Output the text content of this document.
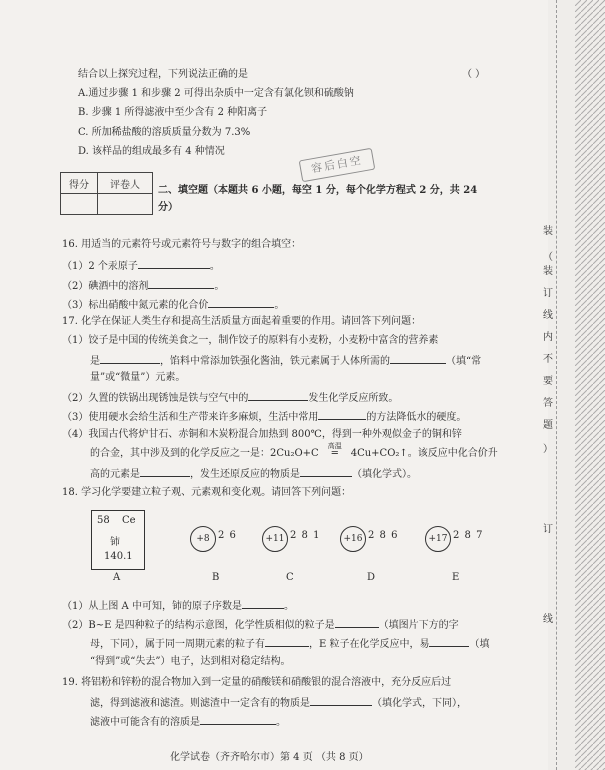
结合以上探究过程，下列说法正确的是	（ ）
A.通过步骤 1 和步骤 2 可得出杂质中一定含有氯化钡和硫酸钠
B. 步骤 1 所得滤液中至少含有 2 种阳离子
C. 所加稀盐酸的溶质质量分数为 7.3%
D. 该样品的组成最多有 4 种情况
容后白空
得分	评卷人
	二、填空题（本题共 6 小题，每空 1 分，每个化学方程式 2 分，共 24
分）
16. 用适当的元素符号或元素符号与数字的组合填空：
（1）2 个汞原子	。
（2）碘酒中的溶剂	。
（3）标出硝酸中氮元素的化合价	。
17. 化学在保证人类生存和提高生活质量方面起着重要的作用。请回答下列问题：
（1）饺子是中国的传统美食之一，制作饺子的原料有小麦粉，小麦粉中富含的营养素
是	，馅料中常添加铁强化酱油，铁元素属于人体所需的	（填“常
量”或“微量”）元素。
（2）久置的铁锅出现锈蚀是铁与空气中的	发生化学反应所致。
（3）使用硬水会给生活和生产带来许多麻烦，生活中常用	的方法降低水的硬度。
（4）我国古代将炉甘石、赤铜和木炭粉混合加热到 800℃，得到一种外观似金子的铜和锌
的合金，其中涉及到的化学反应之一是：2Cu₂O+C
高温
═ 4Cu+CO₂↑。该反应中化合价升
高的元素是	，发生还原反应的物质是	（填化学式）。
18. 学习化学要建立粒子观、元素观和变化观。请回答下列问题：
58 Ce
铈
140.1
A
+8 2 6
B
+11 2 8 1
C
+16 2 8 6
D
+17 2 8 7
E
（1）从上图 A 中可知，铈的原子序数是	。
（2）B~E 是四种粒子的结构示意图，化学性质相似的粒子是	（填图片下方的字
母，下同），属于同一周期元素的粒子有	，E 粒子在化学反应中，易	（填
“得到”或“失去”）电子，达到相对稳定结构。
19. 将铝粉和锌粉的混合物加入到一定量的硝酸镁和硝酸银的混合溶液中，充分反应后过
滤，得到滤液和滤渣。则滤渣中一定含有的物质是	（填化学式，下同），
滤液中可能含有的溶质是	。
化学试卷（齐齐哈尔市）第 4 页 （共 8 页）
装
（
装
订
线
内
不
要
答
题
）
订
线
